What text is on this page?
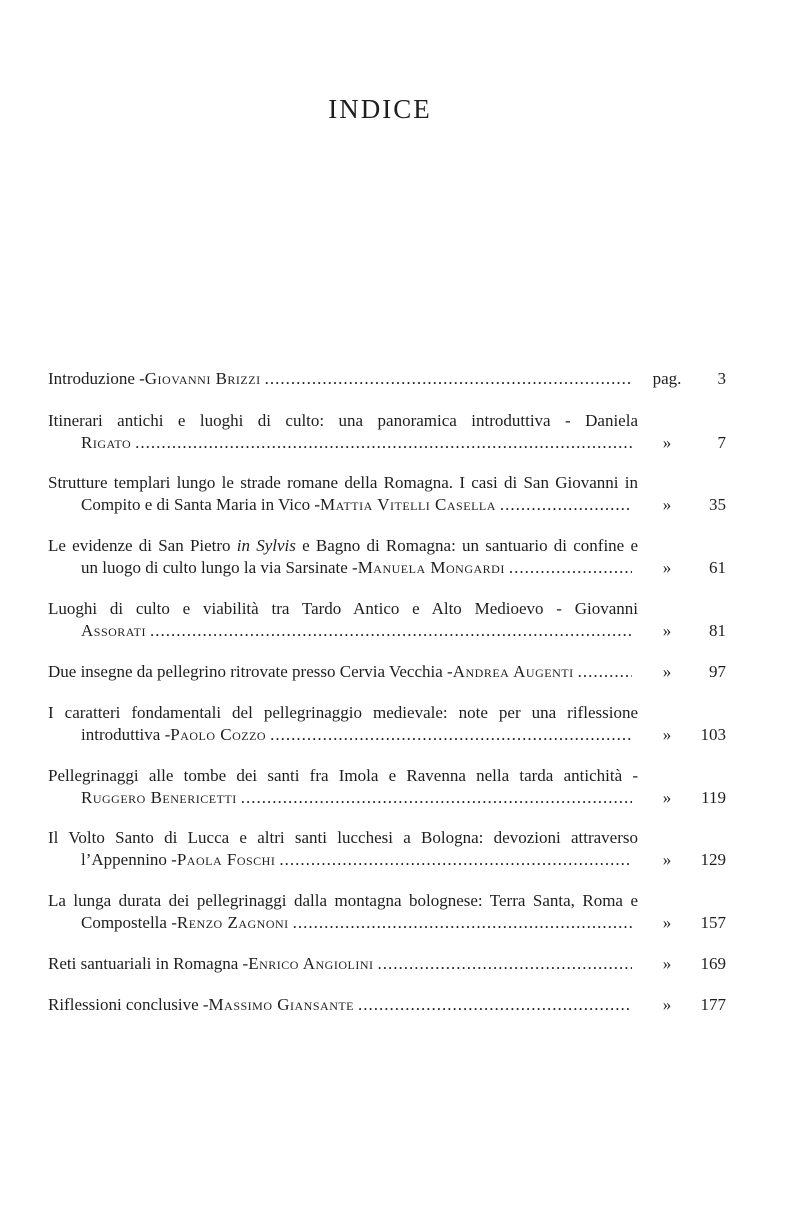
INDICE
Introduzione - Giovanni Brizzi .....	pag.	3
Itinerari antichi e luoghi di culto: una panoramica introduttiva - Daniela
Rigato .....	»	7
Strutture templari lungo le strade romane della Romagna. I casi di San Giovanni in
Compito e di Santa Maria in Vico - Mattia Vitelli Casella .....	»	35
Le evidenze di San Pietro in Sylvis e Bagno di Romagna: un santuario di confine e
un luogo di culto lungo la via Sarsinate - Manuela Mongardi .....	»	61
Luoghi di culto e viabilità tra Tardo Antico e Alto Medioevo - Giovanni
Assorati .....	»	81
Due insegne da pellegrino ritrovate presso Cervia Vecchia - Andrea Augenti .....	»	97
I caratteri fondamentali del pellegrinaggio medievale: note per una riflessione
introduttiva - Paolo Cozzo .....	»	103
Pellegrinaggi alle tombe dei santi fra Imola e Ravenna nella tarda antichità -
Ruggero Benericetti .....	»	119
Il Volto Santo di Lucca e altri santi lucchesi a Bologna: devozioni attraverso
l’Appennino - Paola Foschi .....	»	129
La lunga durata dei pellegrinaggi dalla montagna bolognese: Terra Santa, Roma e
Compostella - Renzo Zagnoni .....	»	157
Reti santuariali in Romagna - Enrico Angiolini .....	»	169
Riflessioni conclusive - Massimo Giansante .....	»	177
